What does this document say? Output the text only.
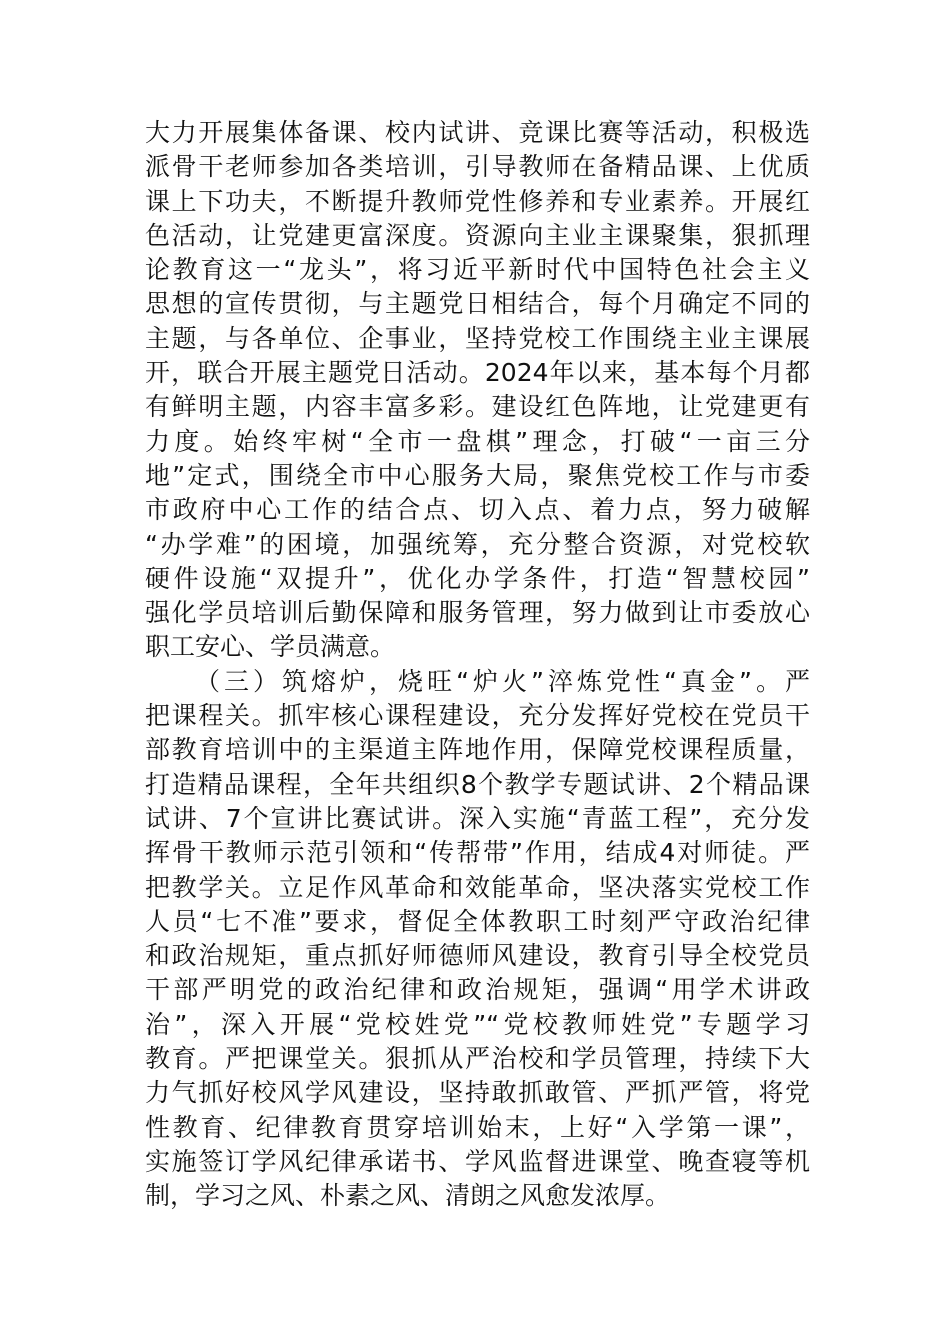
大力开展集体备课、校内试讲、竞课比赛等活动，积极选
派骨干老师参加各类培训，引导教师在备精品课、上优质
课上下功夫，不断提升教师党性修养和专业素养。开展红
色活动，让党建更富深度。资源向主业主课聚集，狠抓理
论教育这一“龙头”，将习近平新时代中国特色社会主义
思想的宣传贯彻，与主题党日相结合，每个月确定不同的
主题，与各单位、企事业，坚持党校工作围绕主业主课展
开，联合开展主题党日活动。2024年以来，基本每个月都
有鲜明主题，内容丰富多彩。建设红色阵地，让党建更有
力度。始终牢树“全市一盘棋”理念，打破“一亩三分
地”定式，围绕全市中心服务大局，聚焦党校工作与市委
市政府中心工作的结合点、切入点、着力点，努力破解
“办学难”的困境，加强统筹，充分整合资源，对党校软
硬件设施“双提升”，优化办学条件，打造“智慧校园”
强化学员培训后勤保障和服务管理，努力做到让市委放心
职工安心、学员满意。
（三）筑熔炉，烧旺“炉火”淬炼党性“真金”。严
把课程关。抓牢核心课程建设，充分发挥好党校在党员干
部教育培训中的主渠道主阵地作用，保障党校课程质量，
打造精品课程，全年共组织8个教学专题试讲、2个精品课
试讲、7个宣讲比赛试讲。深入实施“青蓝工程”，充分发
挥骨干教师示范引领和“传帮带”作用，结成4对师徒。严
把教学关。立足作风革命和效能革命，坚决落实党校工作
人员“七不准”要求，督促全体教职工时刻严守政治纪律
和政治规矩，重点抓好师德师风建设，教育引导全校党员
干部严明党的政治纪律和政治规矩，强调“用学术讲政
治”，深入开展“党校姓党”“党校教师姓党”专题学习
教育。严把课堂关。狠抓从严治校和学员管理，持续下大
力气抓好校风学风建设，坚持敢抓敢管、严抓严管，将党
性教育、纪律教育贯穿培训始末，上好“入学第一课”，
实施签订学风纪律承诺书、学风监督进课堂、晚查寝等机
制，学习之风、朴素之风、清朗之风愈发浓厚。
